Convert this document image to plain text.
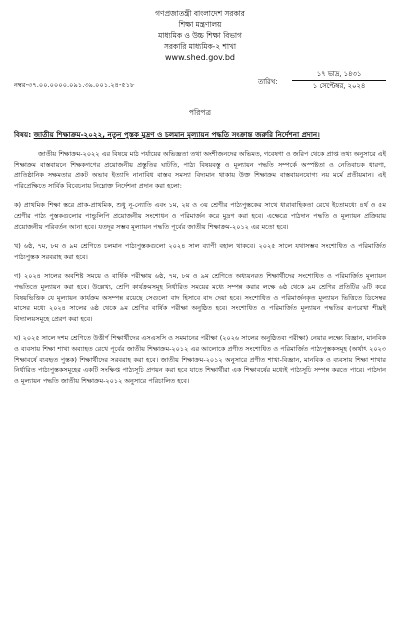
গণপ্রজাতন্ত্রী বাংলাদেশ সরকার
শিক্ষা মন্ত্রণালয়
মাধ্যমিক ও উচ্চ শিক্ষা বিভাগ
সরকারি মাধ্যমিক-২ শাখা
www.shed.gov.bd
নম্বর-৩৭.০০.০০০০.০৯১.৩৯.০০১.২৪-৫১৮	তারিখ:
১৭ ভাদ্র, ১৪৩১
১ সেপ্টেম্বর, ২০২৪
পরিপত্র
বিষয়: জাতীয় শিক্ষাক্রম-২০২২, নতুন পুস্তক মুদ্রণ ও চলমান মূল্যায়ন পদ্ধতি সংক্রান্ত জরুরি নির্দেশনা প্রদান।
জাতীয় শিক্ষাক্রম-২০২২ এর বিষয়ে মাঠ পর্যায়ের অভিজ্ঞতা তথা অংশীজনদের অভিমত, গবেষণা ও জরিপ থেকে প্রাপ্ত তথ্য অনুসারে এই শিক্ষাক্রম বাস্তবায়নে শিক্ষকগণের প্রয়োজনীয় প্রস্তুতির ঘাটতি, পাঠ্য বিষয়বস্তু ও মূল্যায়ন পদ্ধতি সম্পর্কে অস্পষ্টতা ও নেতিবাচক ধারণা, প্রাতিষ্ঠানিক সক্ষমতার প্রকট অভাব ইত্যাদি নানাবিধ বাস্তব সমস্যা বিদ্যমান থাকায় উক্ত শিক্ষাক্রম বাস্তবায়নযোগ্য নয় মর্মে প্রতীয়মান। এই পরিপ্রেক্ষিতে সার্বিক বিবেচনায় নিম্নোক্ত নির্দেশনা প্রদান করা হলো:
ক) প্রাথমিক শিক্ষা স্তরে প্রাক-প্রাথমিক, শুধু নূ-ন্যোতি এবং ১ম, ২য় ও ৩য় শ্রেণীর পাঠ্যপুস্তকের সাথে ধারাবাহিকতা রেখে ইতোমধ্যে ৪র্থ ও ৫ম শ্রেণীর পাঠ্য পুস্তকগুলোর পান্ডুলিপি প্রয়োজনীয় সংশোধন ও পরিমার্জন করে মুদ্রণ করা হবে। এক্ষেত্রে পাঠদান পদ্ধতি ও মূল্যায়ন প্রক্রিয়ায় প্রয়োজনীয় পরিবর্তন আনা হবে। যতদূর সম্ভব মূল্যায়ন পদ্ধতি পূর্বের জাতীয় শিক্ষাক্রম-২০১২ এর মতো হবে।
খ) ৬ষ্ঠ, ৭ম, ৮ম ও ৯ম শ্রেণিতে চলমান পাঠ্যপুস্তকগুলো ২০২৪ সাল ব্যাপী বহাল থাকবে। ২০২৫ সালে যথাসম্ভব সংশোধিত ও পরিমার্জিত পাঠ্যপুস্তক সরবরাহ করা হবে।
গ) ২০২৪ সালের অবশিষ্ট সময়ে ও বার্ষিক পরীক্ষায় ৬ষ্ঠ, ৭ম, ৮ম ও ৯ম শ্রেণিতে অধ্যয়নরত শিক্ষার্থীদের সংশোধিত ও পরিমার্জিত মূল্যায়ন পদ্ধতিতে মূল্যায়ন করা হবে। উল্লেখ্য, শ্রেণি কার্যক্রমসমূহ নির্ধারিত সময়ের মধ্যে সম্পন্ন করার লক্ষে ৬ষ্ঠ থেকে ৯ম শ্রেণির প্রতিটির ৬টি করে বিষয়ভিত্তিক যে মূল্যায়ন কার্যক্রম অসম্পন্ন রয়েছে সেগুলো বাদ হিসাবে বাদ দেয়া হবে। সংশোধিত ও পরিমার্জনকৃত মূল্যায়ন ভিত্তিতে ডিসেম্বর মাসের মধ্যে ২০২৪ সালের ৬ষ্ঠ থেকে ৯ম শ্রেণির বার্ষিক পরীক্ষা অনুষ্ঠিত হবে। সংশোধিত ও পরিমার্জিত মূল্যায়ন পদ্ধতির রূপরেখা শীঘ্রই বিদ্যালয়সমূহে প্রেরণ করা হবে।
ঘ) ২০২৫ সালে দশম শ্রেণিতে উত্তীর্ণ শিক্ষার্থীদের এসএসসি ও সমমানের পরীক্ষা (২০২৬ সালের অনুষ্ঠিতব্য পরীক্ষা) নেয়ার লক্ষ্যে বিজ্ঞান, মানবিক ও ব্যবসায় শিক্ষা শাখা অব্যাহত রেখে পূর্বের জাতীয় শিক্ষাক্রম-২০১২ এর আলোকে প্রণীত সংশোধিত ও পরিমার্জিত পাঠ্যপুস্তকসমূহ (অর্থাৎ ২০২৩ শিক্ষাবর্ষে ব্যবহৃত পুস্তক) শিক্ষার্থীদের সরবরাহ করা হবে। জাতীয় শিক্ষাক্রম-২০১২ অনুসারে প্রণীত শাখা-বিজ্ঞান, মানবিক ও ব্যবসায় শিক্ষা শাখার নির্ধারিত পাঠ্যপুস্তকসমূহের একটি সংক্ষিপ্ত পাঠ্যসূচি প্রণয়ন করা হবে যাতে শিক্ষার্থীরা এক শিক্ষাবর্ষের মধ্যেই পাঠ্যসূচি সম্পন্ন করতে পারে। পাঠদান ও মূল্যায়ন পদ্ধতি জাতীয় শিক্ষাক্রম-২০১২ অনুসারে পরিচালিত হবে।
